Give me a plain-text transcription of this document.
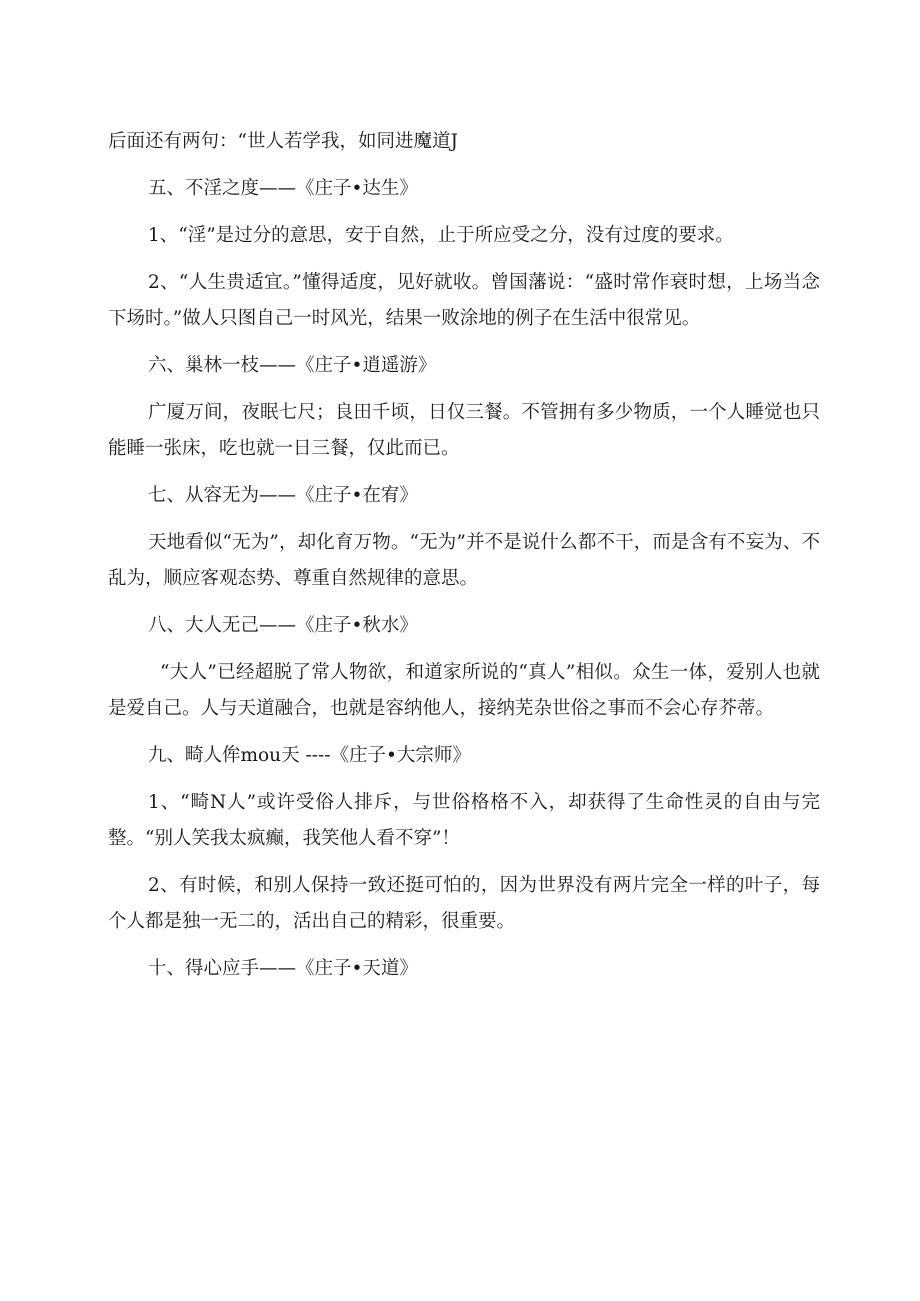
后面还有两句：“世人若学我，如同进魔道J

五、不淫之度——《庄子•达生》

1、“淫”是过分的意思，安于自然，止于所应受之分，没有过度的要求。

2、“人生贵适宜。”懂得适度，见好就收。曾国藩说：“盛时常作衰时想，上场当念下场时。”做人只图自己一时风光，结果一败涂地的例子在生活中很常见。

六、巢林一枝——《庄子•逍遥游》

广厦万间，夜眠七尺；良田千顷，日仅三餐。不管拥有多少物质，一个人睡觉也只能睡一张床，吃也就一日三餐，仅此而已。

七、从容无为——《庄子•在宥》

天地看似“无为”，却化育万物。“无为”并不是说什么都不干，而是含有不妄为、不乱为，顺应客观态势、尊重自然规律的意思。

八、大人无己——《庄子•秋水》

“大人”已经超脱了常人物欲，和道家所说的“真人”相似。众生一体，爱别人也就是爱自己。人与天道融合，也就是容纳他人，接纳芜杂世俗之事而不会心存芥蒂。

九、畸人侔mou天 ----《庄子•大宗师》

1、“畸N人”或许受俗人排斥，与世俗格格不入，却获得了生命性灵的自由与完整。“别人笑我太疯癫，我笑他人看不穿”！

2、有时候，和别人保持一致还挺可怕的，因为世界没有两片完全一样的叶子，每个人都是独一无二的，活出自己的精彩，很重要。

十、得心应手——《庄子•天道》
